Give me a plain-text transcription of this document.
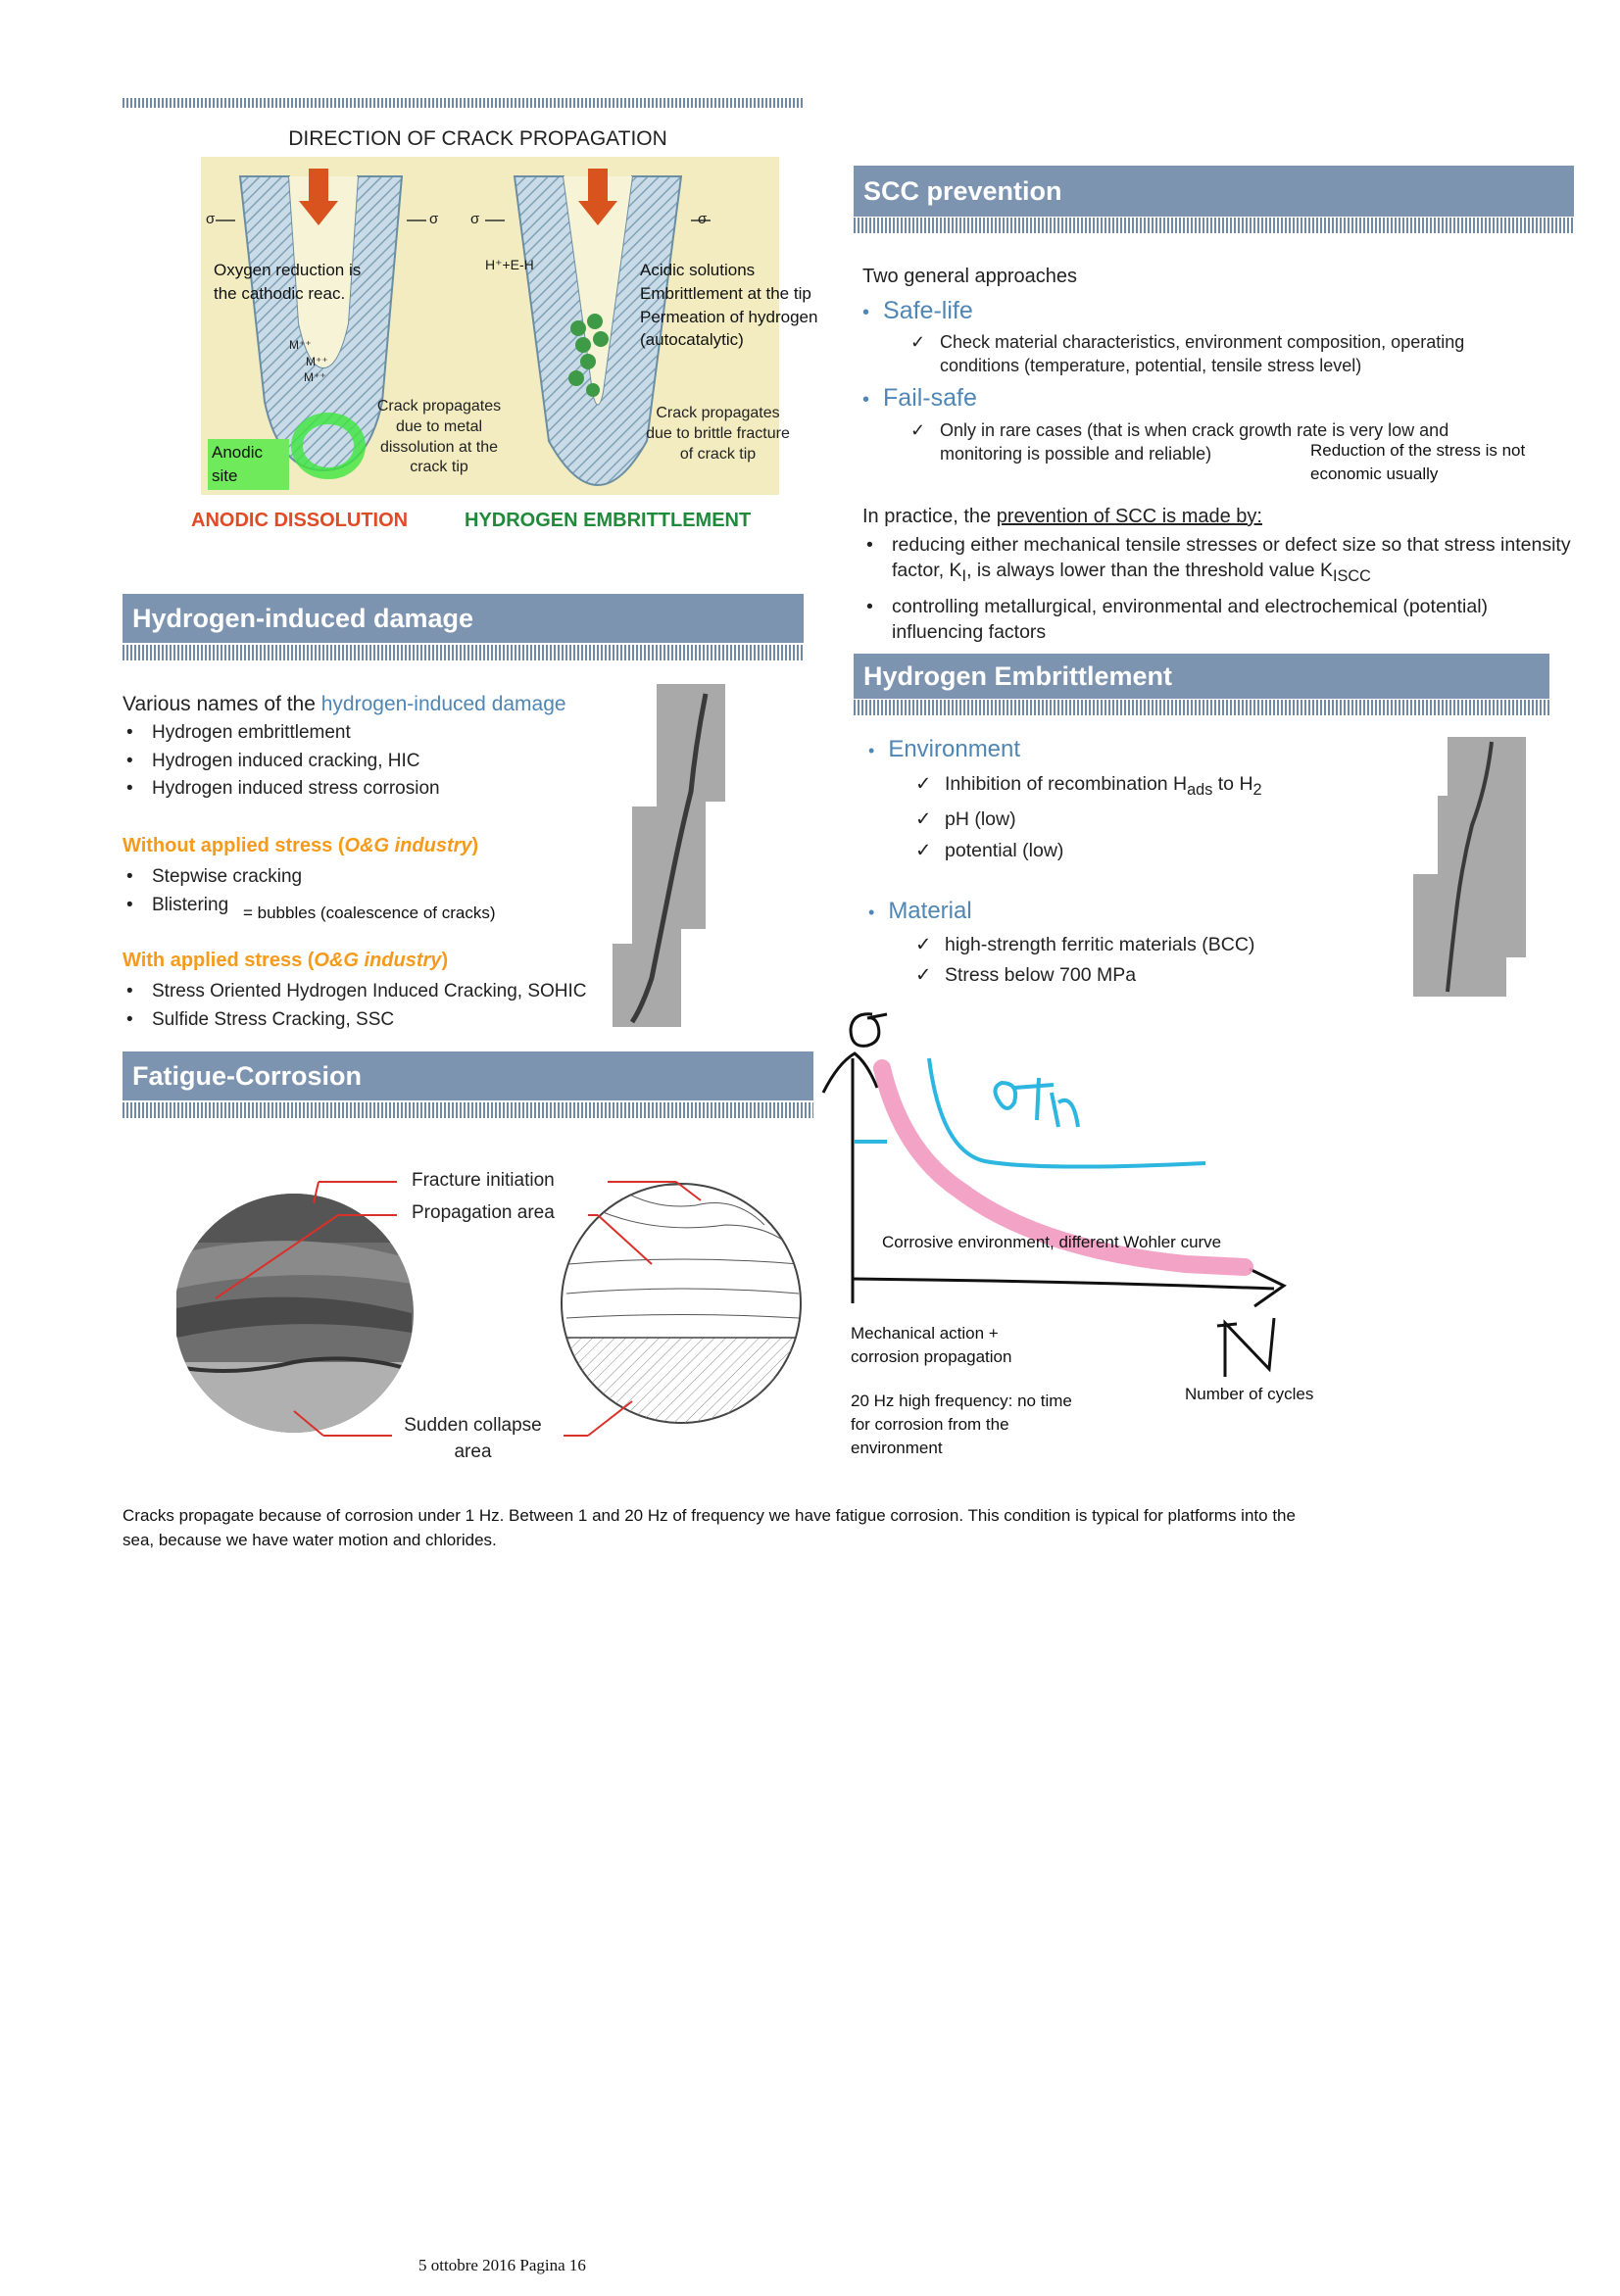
DIRECTION OF CRACK PROPAGATION
σ	σ σ	σ
H⁺+E-H
M⁺⁺
M⁺⁺
M⁺⁺
Crack propagates due to metal dissolution at the crack tip
Crack propagates due to brittle fracture of crack tip
ANODIC DISSOLUTION	HYDROGEN EMBRITTLEMENT
Oxygen reduction is the cathodic reac.
Anodic site
Acidic solutions Embrittlement at the tip Permeation of hydrogen (autocatalytic)
Hydrogen-induced damage
Various names of the hydrogen-induced damage
• Hydrogen embrittlement
• Hydrogen induced cracking, HIC
• Hydrogen induced stress corrosion
Without applied stress (O&G industry)
• Stepwise cracking
• Blistering = bubbles (coalescence of cracks)
With applied stress (O&G industry)
• Stress Oriented Hydrogen Induced Cracking, SOHIC
• Sulfide Stress Cracking, SSC
Fatigue-Corrosion
Fracture initiation
Propagation area
Sudden collapse area
SCC prevention
Two general approaches
• Safe-life
✓ Check material characteristics, environment composition, operating conditions (temperature, potential, tensile stress level)
• Fail-safe
✓ Only in rare cases (that is when crack growth rate is very low and monitoring is possible and reliable)	Reduction of the stress is not economic usually
In practice, the prevention of SCC is made by:
• reducing either mechanical tensile stresses or defect size so that stress intensity factor, $K_I$, is always lower than the threshold value $K_{ISCC}$
• controlling metallurgical, environmental and electrochemical (potential) influencing factors
Hydrogen Embrittlement
• Environment
✓ Inhibition of recombination $H_{ads}$ to $H_2$
✓ pH (low)
✓ potential (low)
• Material
✓ high-strength ferritic materials (BCC)
✓ Stress below 700 MPa
Corrosive environment, different Wohler curve
Mechanical action + corrosion propagation
20 Hz high frequency: no time for corrosion from the environment
Number of cycles
Cracks propagate because of corrosion under 1 Hz. Between 1 and 20 Hz of frequency we have fatigue corrosion. This condition is typical for platforms into the sea, because we have water motion and chlorides.
5 ottobre 2016 Pagina 16
